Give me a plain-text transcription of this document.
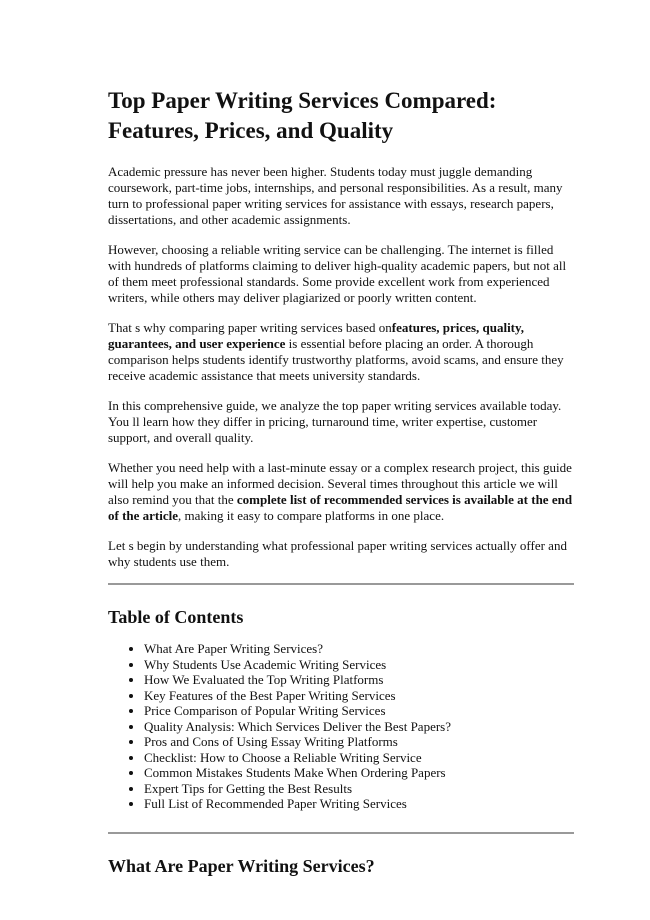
Top Paper Writing Services Compared: Features, Prices, and Quality

Academic pressure has never been higher. Students today must juggle demanding coursework, part-time jobs, internships, and personal responsibilities. As a result, many turn to professional paper writing services for assistance with essays, research papers, dissertations, and other academic assignments.

However, choosing a reliable writing service can be challenging. The internet is filled with hundreds of platforms claiming to deliver high-quality academic papers, but not all of them meet professional standards. Some provide excellent work from experienced writers, while others may deliver plagiarized or poorly written content.

That s why comparing paper writing services based onfeatures, prices, quality, guarantees, and user experience is essential before placing an order. A thorough comparison helps students identify trustworthy platforms, avoid scams, and ensure they receive academic assistance that meets university standards.

In this comprehensive guide, we analyze the top paper writing services available today. You ll learn how they differ in pricing, turnaround time, writer expertise, customer support, and overall quality.

Whether you need help with a last-minute essay or a complex research project, this guide will help you make an informed decision. Several times throughout this article we will also remind you that the complete list of recommended services is available at the end of the article, making it easy to compare platforms in one place.

Let s begin by understanding what professional paper writing services actually offer and why students use them.

Table of Contents
• What Are Paper Writing Services?
• Why Students Use Academic Writing Services
• How We Evaluated the Top Writing Platforms
• Key Features of the Best Paper Writing Services
• Price Comparison of Popular Writing Services
• Quality Analysis: Which Services Deliver the Best Papers?
• Pros and Cons of Using Essay Writing Platforms
• Checklist: How to Choose a Reliable Writing Service
• Common Mistakes Students Make When Ordering Papers
• Expert Tips for Getting the Best Results
• Full List of Recommended Paper Writing Services
What Are Paper Writing Services?
